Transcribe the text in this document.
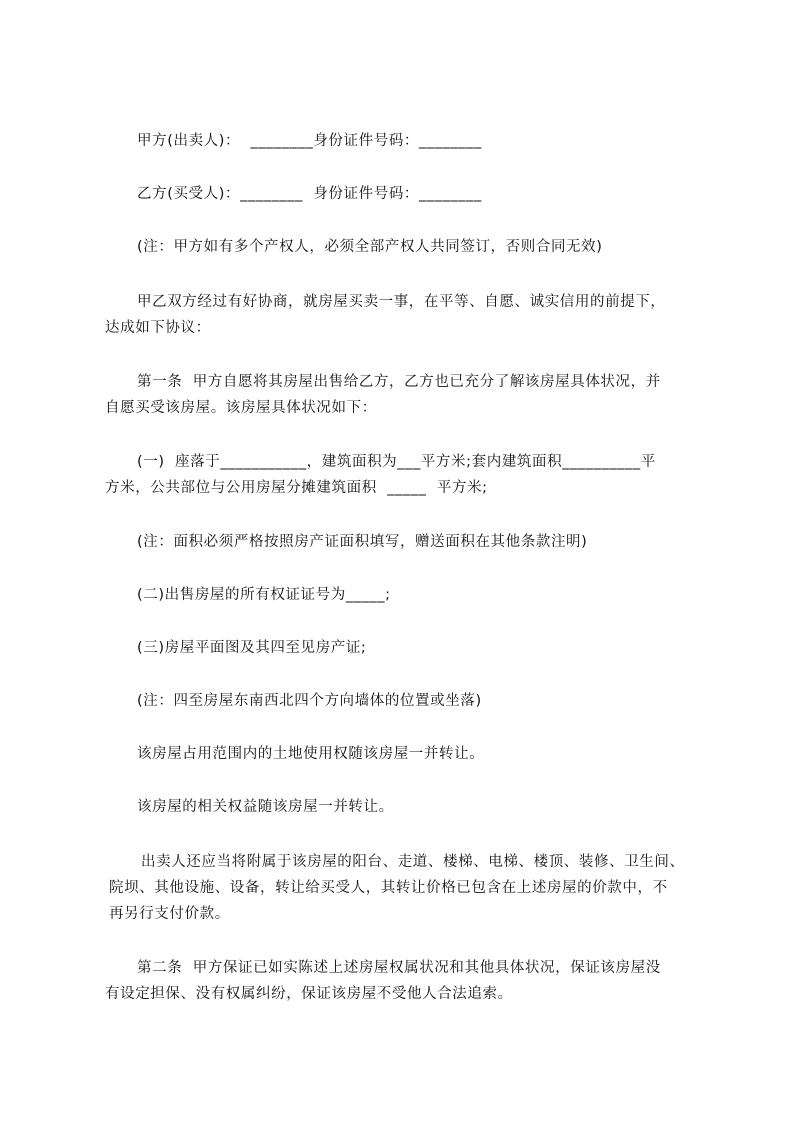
甲方(出卖人)：  ________身份证件号码：________
乙方(买受人)：________  身份证件号码：________
(注：甲方如有多个产权人，必须全部产权人共同签订，否则合同无效)
甲乙双方经过有好协商，就房屋买卖一事，在平等、自愿、诚实信用的前提下，
达成如下协议：
第一条  甲方自愿将其房屋出售给乙方，乙方也已充分了解该房屋具体状况，并
自愿买受该房屋。该房屋具体状况如下：
(一)  座落于___________，建筑面积为___平方米;套内建筑面积__________平
方米，公共部位与公用房屋分摊建筑面积  _____  平方米;
(注：面积必须严格按照房产证面积填写，赠送面积在其他条款注明)
(二)出售房屋的所有权证证号为_____;
(三)房屋平面图及其四至见房产证;
(注：四至房屋东南西北四个方向墙体的位置或坐落)
该房屋占用范围内的土地使用权随该房屋一并转让。
该房屋的相关权益随该房屋一并转让。
出卖人还应当将附属于该房屋的阳台、走道、楼梯、电梯、楼顶、装修、卫生间、
院坝、其他设施、设备，转让给买受人，其转让价格已包含在上述房屋的价款中，不
再另行支付价款。
第二条  甲方保证已如实陈述上述房屋权属状况和其他具体状况，保证该房屋没
有设定担保、没有权属纠纷，保证该房屋不受他人合法追索。
